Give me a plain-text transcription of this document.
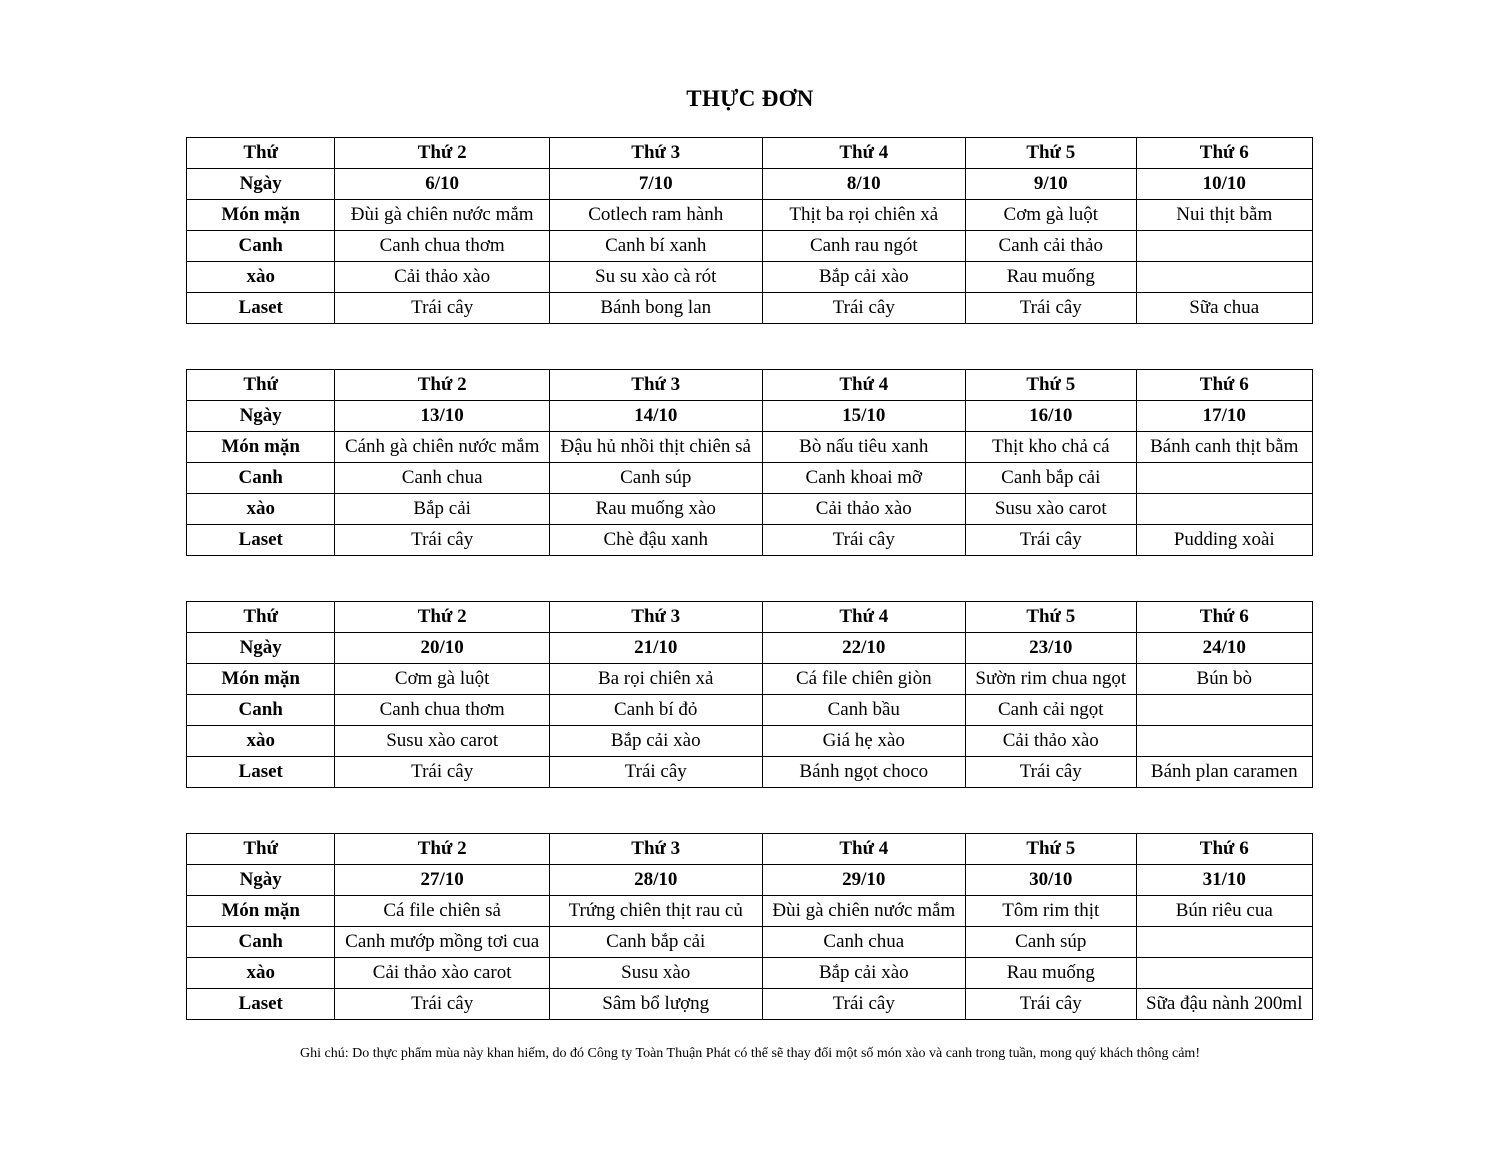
THỰC ĐƠN
Thứ	Thứ 2	Thứ 3	Thứ 4	Thứ 5	Thứ 6
Ngày	6/10	7/10	8/10	9/10	10/10
Món mặn	Đùi gà chiên nước mắm	Cotlech ram hành	Thịt ba rọi chiên xả	Cơm gà luột	Nui thịt bằm
Canh	Canh chua thơm	Canh bí xanh	Canh rau ngót	Canh cải thảo	
xào	Cải thảo xào	Su su xào cà rót	Bắp cải xào	Rau muống	
Laset	Trái cây	Bánh bong lan	Trái cây	Trái cây	Sữa chua
Thứ	Thứ 2	Thứ 3	Thứ 4	Thứ 5	Thứ 6
Ngày	13/10	14/10	15/10	16/10	17/10
Món mặn	Cánh gà chiên nước mắm	Đậu hủ nhồi thịt chiên sả	Bò nấu tiêu xanh	Thịt kho chả cá	Bánh canh thịt bằm
Canh	Canh chua	Canh súp	Canh khoai mỡ	Canh bắp cải	
xào	Bắp cải	Rau muống xào	Cải thảo xào	Susu xào carot	
Laset	Trái cây	Chè đậu xanh	Trái cây	Trái cây	Pudding xoài
Thứ	Thứ 2	Thứ 3	Thứ 4	Thứ 5	Thứ 6
Ngày	20/10	21/10	22/10	23/10	24/10
Món mặn	Cơm gà luột	Ba rọi chiên xả	Cá file chiên giòn	Sườn rim chua ngọt	Bún bò
Canh	Canh chua thơm	Canh bí đỏ	Canh bầu	Canh cải ngọt	
xào	Susu xào carot	Bắp cải xào	Giá hẹ xào	Cải thảo xào	
Laset	Trái cây	Trái cây	Bánh ngọt choco	Trái cây	Bánh plan caramen
Thứ	Thứ 2	Thứ 3	Thứ 4	Thứ 5	Thứ 6
Ngày	27/10	28/10	29/10	30/10	31/10
Món mặn	Cá file chiên sả	Trứng chiên thịt rau củ	Đùi gà chiên nước mắm	Tôm rim thịt	Bún riêu cua
Canh	Canh mướp mồng tơi cua	Canh bắp cải	Canh chua	Canh súp	
xào	Cải thảo xào carot	Susu xào	Bắp cải xào	Rau muống	
Laset	Trái cây	Sâm bổ lượng	Trái cây	Trái cây	Sữa đậu nành 200ml
Ghi chú: Do thực phẩm mùa này khan hiếm, do đó Công ty Toàn Thuận Phát có thể sẽ thay đổi một số món xào và canh trong tuần, mong quý khách thông cảm!
